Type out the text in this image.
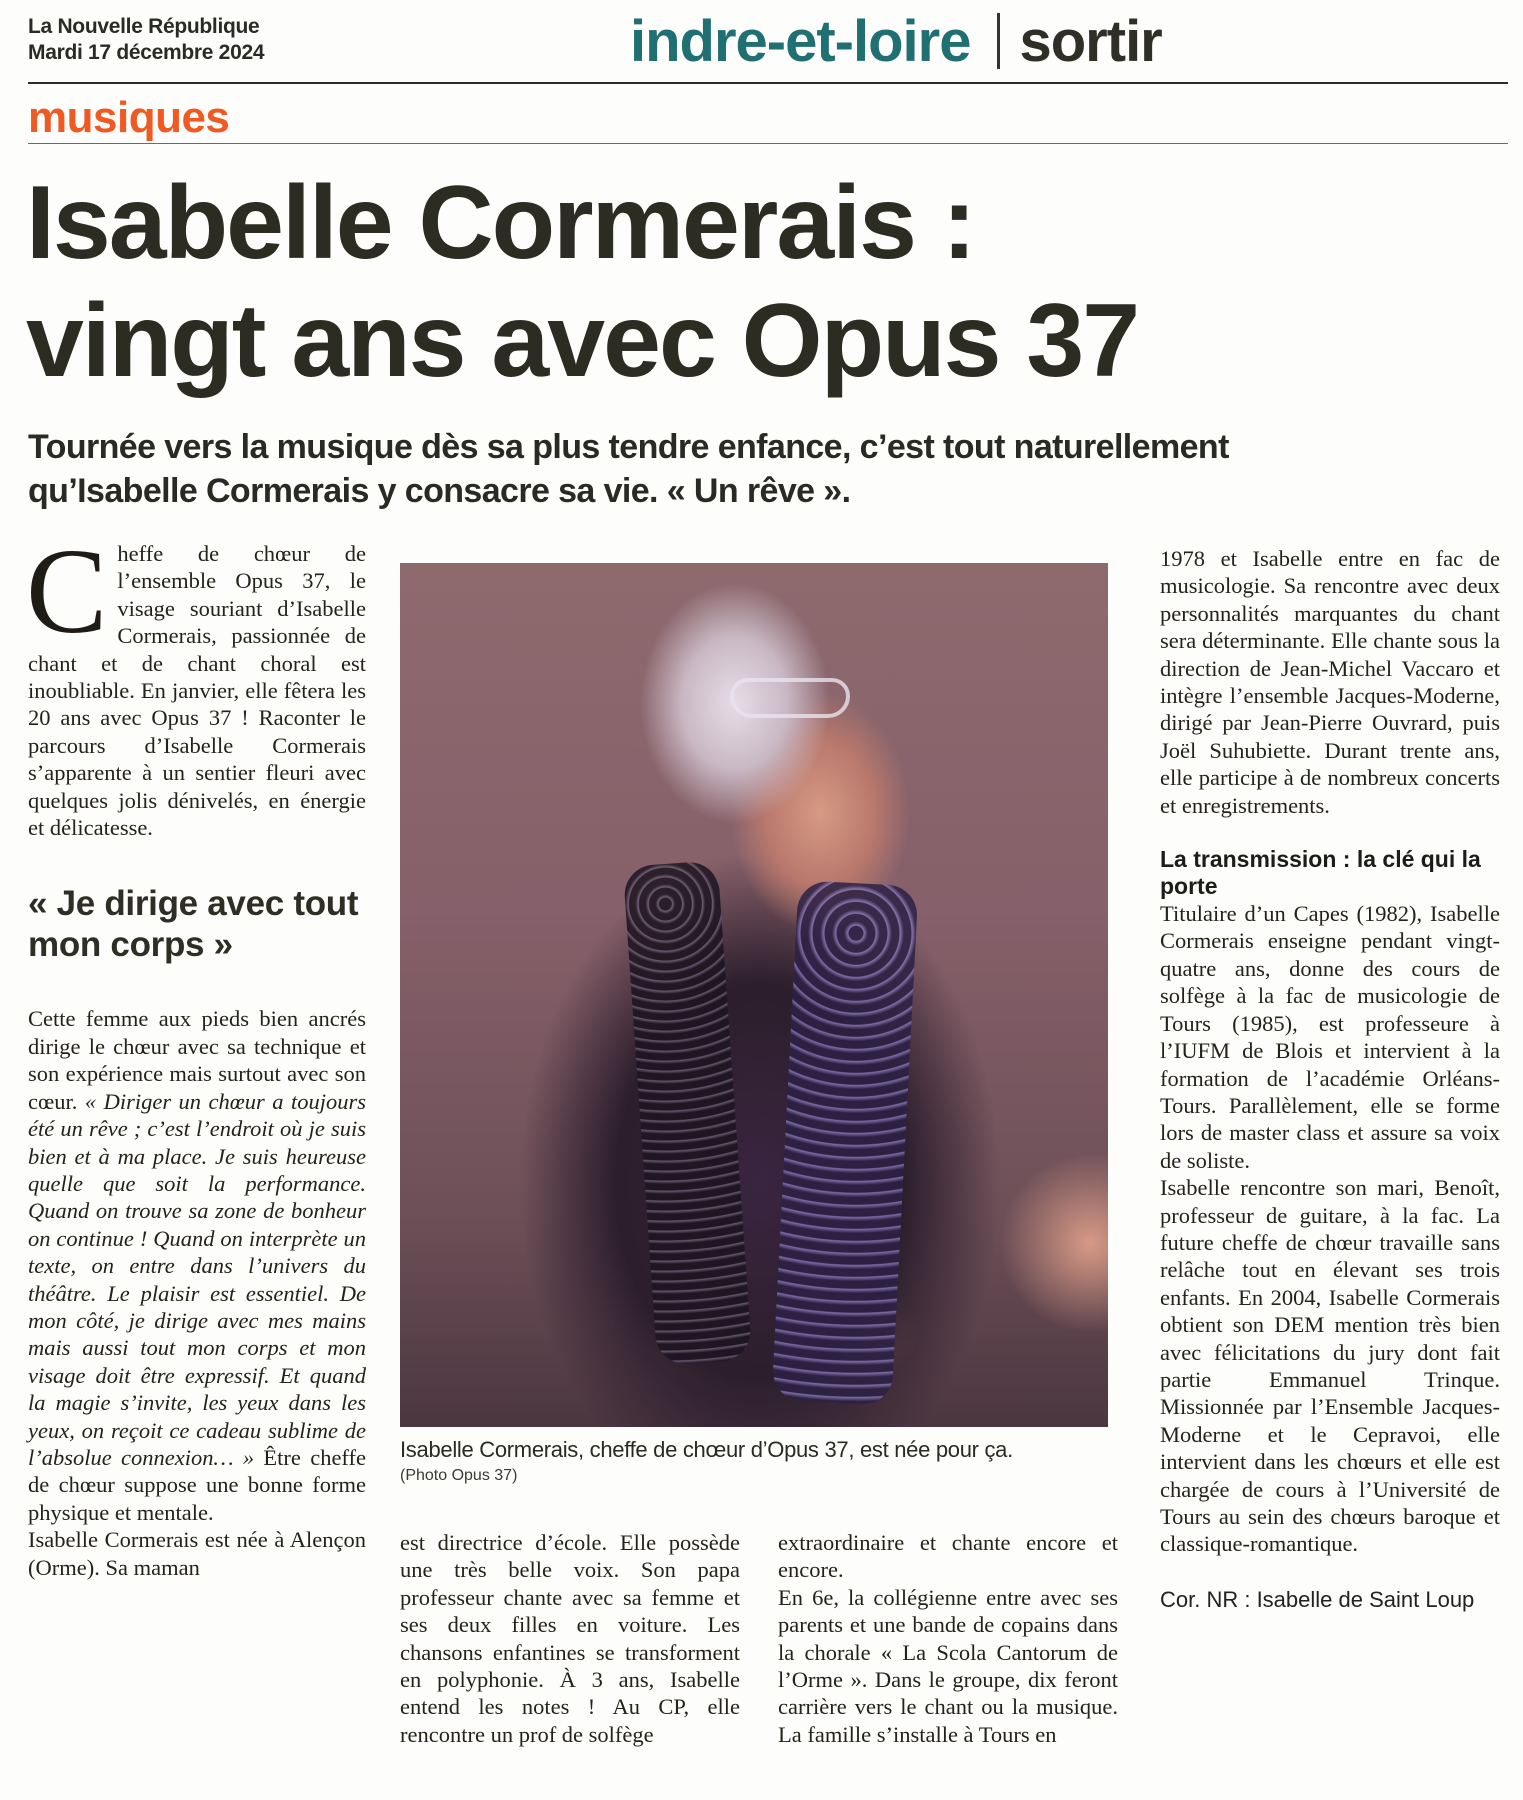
La Nouvelle République
Mardi 17 décembre 2024	indre-et-loire sortir
musiques
Isabelle Cormerais :
vingt ans avec Opus 37
Tournée vers la musique dès sa plus tendre enfance, c’est tout naturellement
qu’Isabelle Cormerais y consacre sa vie. « Un rêve ».

Cheffe de chœur de l’ensemble Opus 37, le visage souriant d’Isabelle Cormerais, passionnée de chant et de chant choral est inoubliable. En janvier, elle fêtera les 20 ans avec Opus 37 ! Raconter le parcours d’Isabelle Cormerais s’apparente à un sentier fleuri avec quelques jolis dénivelés, en énergie et délicatesse.

« Je dirige avec tout mon corps »

Cette femme aux pieds bien ancrés dirige le chœur avec sa technique et son expérience mais surtout avec son cœur. « Diriger un chœur a toujours été un rêve ; c’est l’endroit où je suis bien et à ma place. Je suis heureuse quelle que soit la performance. Quand on trouve sa zone de bonheur on continue ! Quand on interprète un texte, on entre dans l’univers du théâtre. Le plaisir est essentiel. De mon côté, je dirige avec mes mains mais aussi tout mon corps et mon visage doit être expressif. Et quand la magie s’invite, les yeux dans les yeux, on reçoit ce cadeau sublime de l’absolue connexion… » Être cheffe de chœur suppose une bonne forme physique et mentale.

Isabelle Cormerais est née à Alençon (Orme). Sa maman

Isabelle Cormerais, cheffe de chœur d’Opus 37, est née pour ça.
(Photo Opus 37)

est directrice d’école. Elle possède une très belle voix. Son papa professeur chante avec sa femme et ses deux filles en voiture. Les chansons enfantines se transforment en polyphonie. À 3 ans, Isabelle entend les notes ! Au CP, elle rencontre un prof de solfège

extraordinaire et chante encore et encore.

En 6e, la collégienne entre avec ses parents et une bande de copains dans la chorale « La Scola Cantorum de l’Orme ». Dans le groupe, dix feront carrière vers le chant ou la musique. La famille s’installe à Tours en

1978 et Isabelle entre en fac de musicologie. Sa rencontre avec deux personnalités marquantes du chant sera déterminante. Elle chante sous la direction de Jean-Michel Vaccaro et intègre l’ensemble Jacques-Moderne, dirigé par Jean-Pierre Ouvrard, puis Joël Suhubiette. Durant trente ans, elle participe à de nombreux concerts et enregistrements.

La transmission : la clé qui la porte

Titulaire d’un Capes (1982), Isabelle Cormerais enseigne pendant vingt-quatre ans, donne des cours de solfège à la fac de musicologie de Tours (1985), est professeure à l’IUFM de Blois et intervient à la formation de l’académie Orléans-Tours. Parallèlement, elle se forme lors de master class et assure sa voix de soliste.

Isabelle rencontre son mari, Benoît, professeur de guitare, à la fac. La future cheffe de chœur travaille sans relâche tout en élevant ses trois enfants. En 2004, Isabelle Cormerais obtient son DEM mention très bien avec félicitations du jury dont fait partie Emmanuel Trinque. Missionnée par l’Ensemble Jacques-Moderne et le Cepravoi, elle intervient dans les chœurs et elle est chargée de cours à l’Université de Tours au sein des chœurs baroque et classique-romantique.

Cor. NR : Isabelle de Saint Loup
